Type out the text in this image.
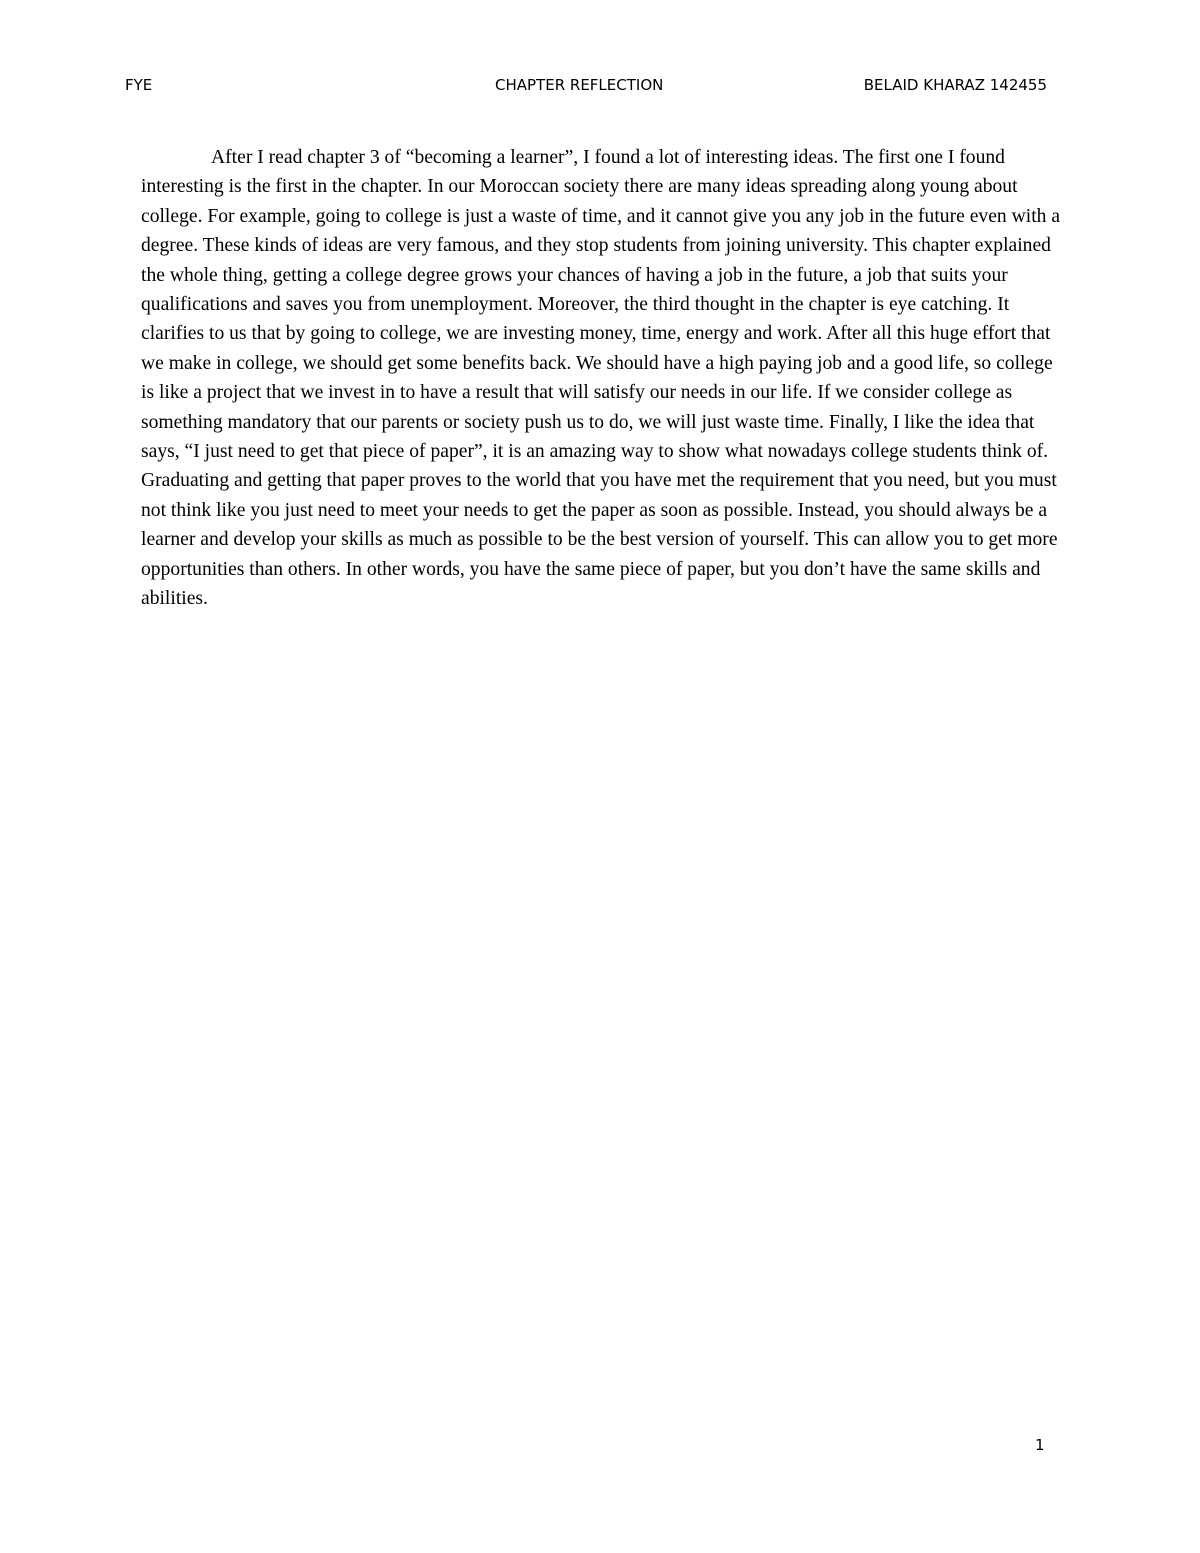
FYE	CHAPTER REFLECTION	BELAID KHARAZ 142455

After I read chapter 3 of “becoming a learner”, I found a lot of interesting ideas. The first one I found interesting is the first in the chapter. In our Moroccan society there are many ideas spreading along young about college. For example, going to college is just a waste of time, and it cannot give you any job in the future even with a degree. These kinds of ideas are very famous, and they stop students from joining university. This chapter explained the whole thing, getting a college degree grows your chances of having a job in the future, a job that suits your qualifications and saves you from unemployment. Moreover, the third thought in the chapter is eye catching. It clarifies to us that by going to college, we are investing money, time, energy and work. After all this huge effort that we make in college, we should get some benefits back. We should have a high paying job and a good life, so college is like a project that we invest in to have a result that will satisfy our needs in our life. If we consider college as something mandatory that our parents or society push us to do, we will just waste time. Finally, I like the idea that says, “I just need to get that piece of paper”, it is an amazing way to show what nowadays college students think of. Graduating and getting that paper proves to the world that you have met the requirement that you need, but you must not think like you just need to meet your needs to get the paper as soon as possible. Instead, you should always be a learner and develop your skills as much as possible to be the best version of yourself. This can allow you to get more opportunities than others. In other words, you have the same piece of paper, but you don’t have the same skills and abilities.

1
